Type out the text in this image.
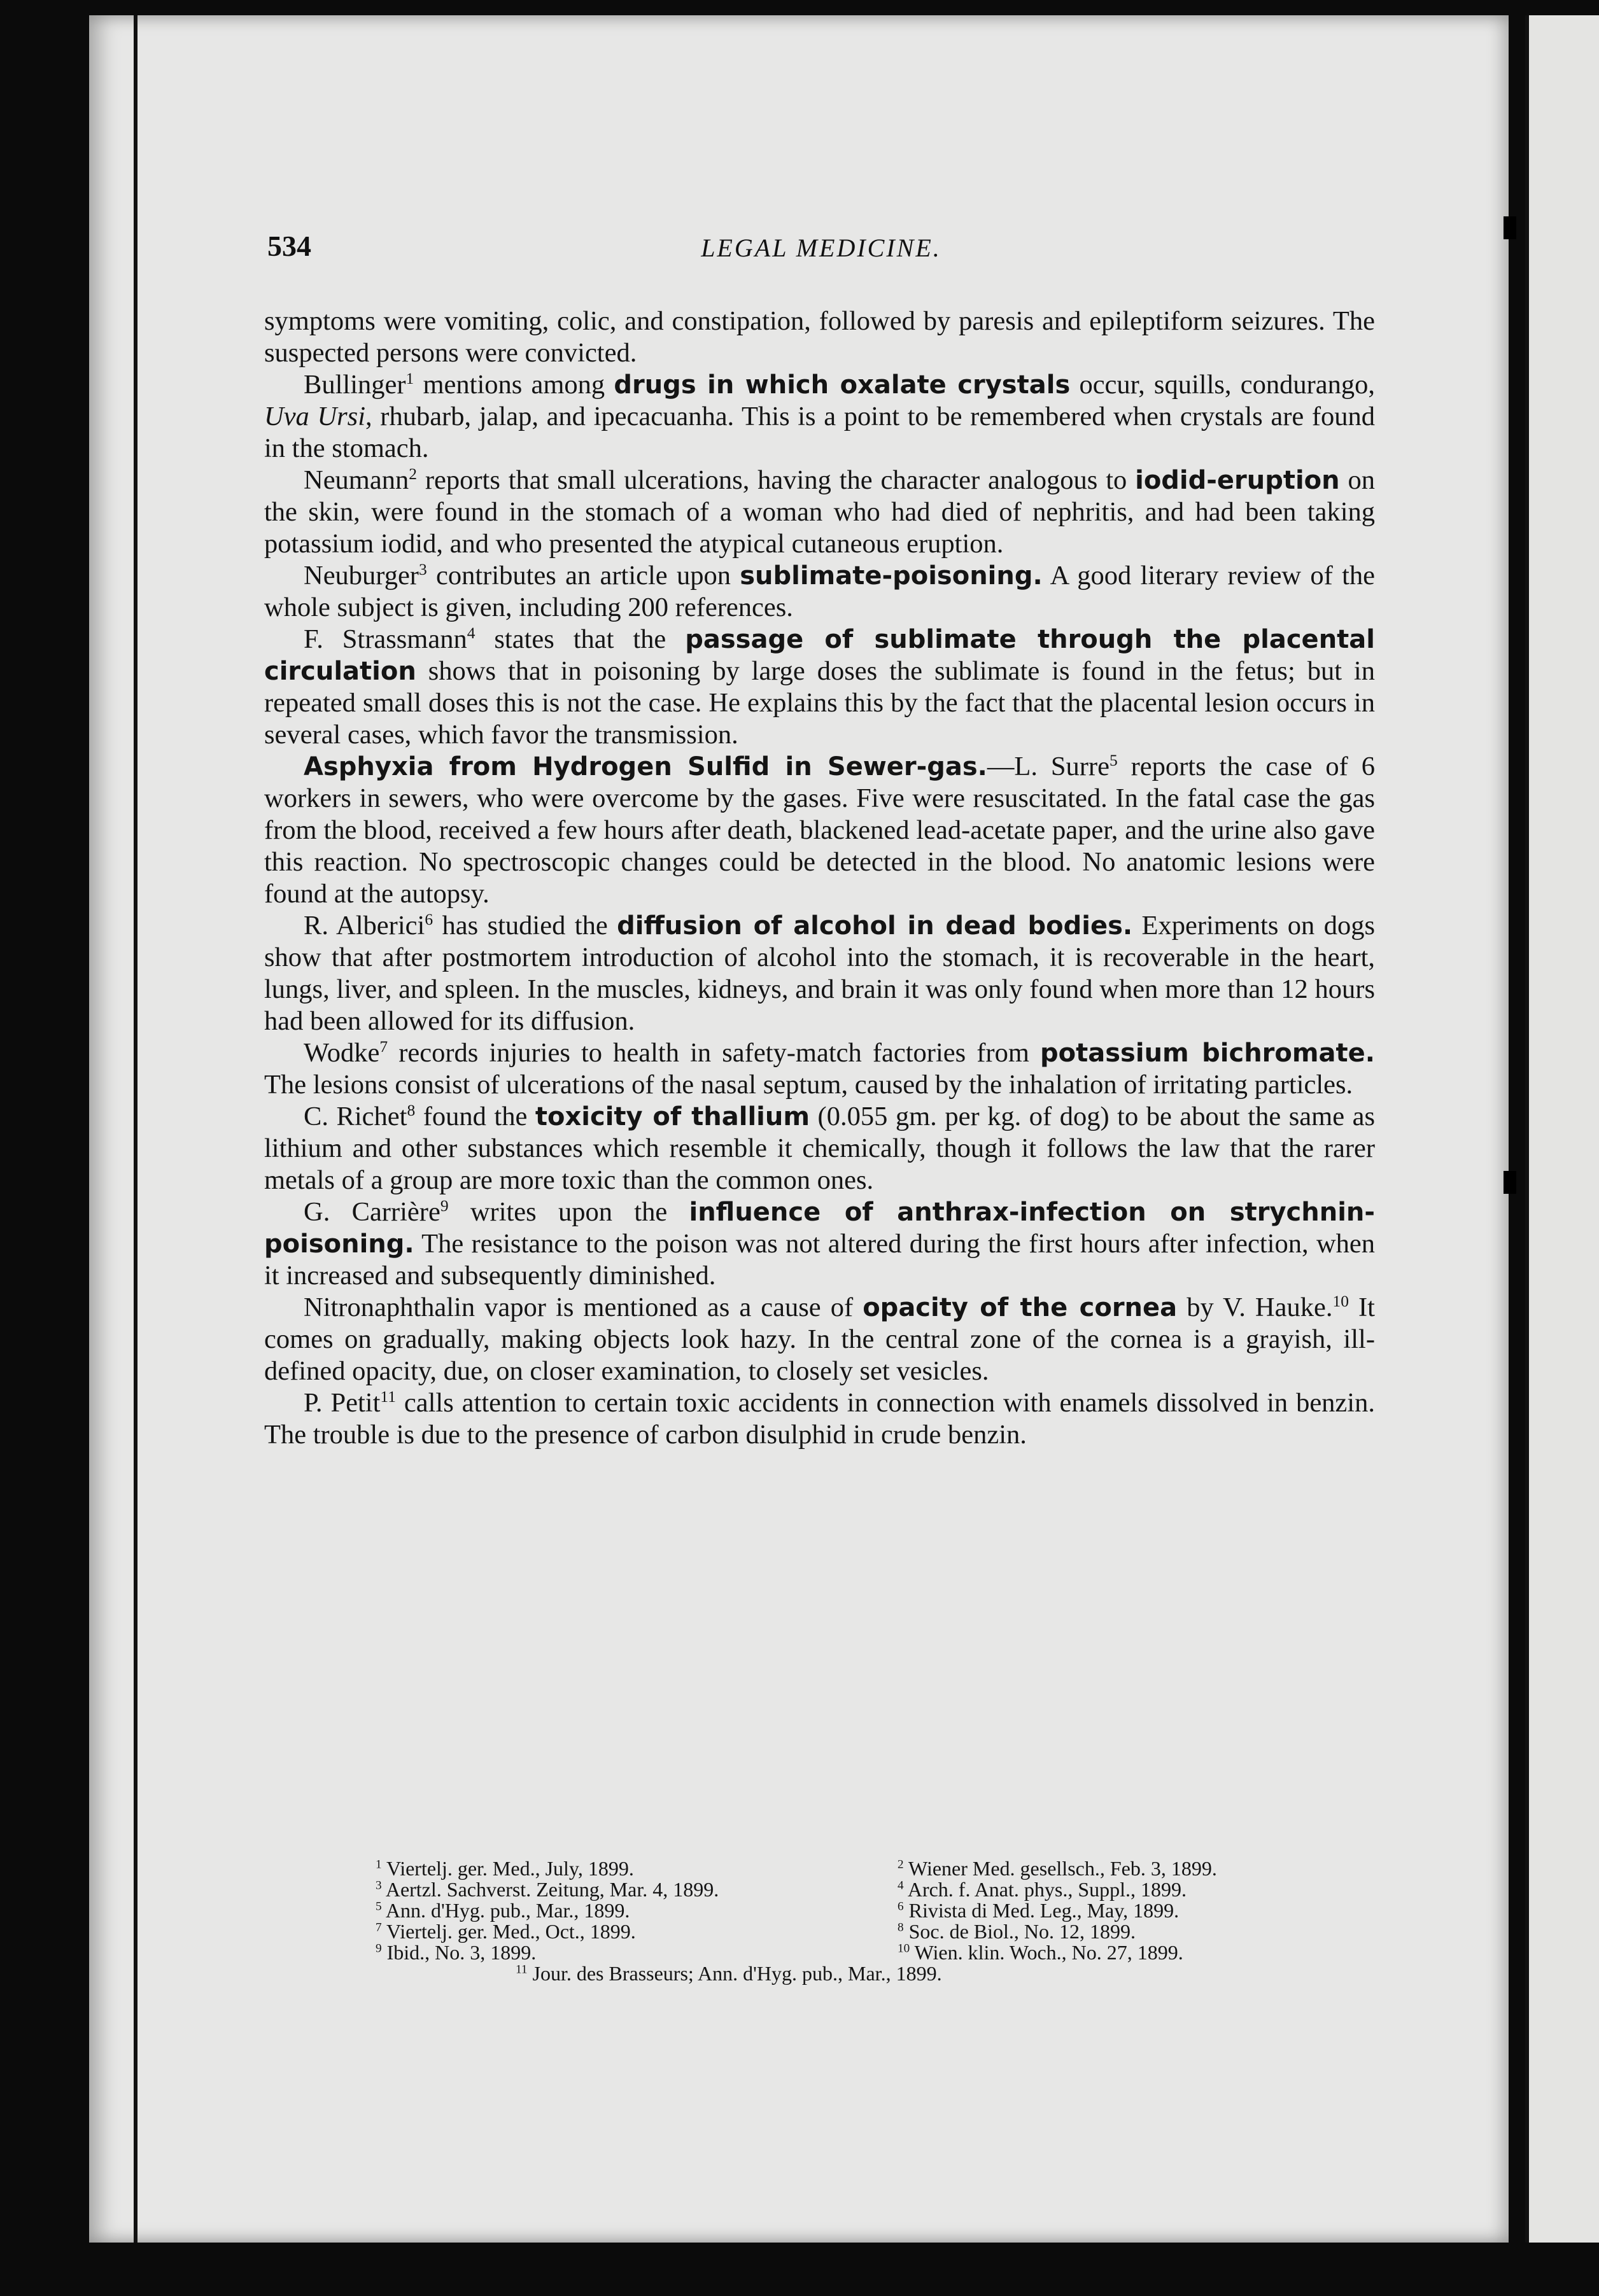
534	LEGAL MEDICINE.

symptoms were vomiting, colic, and constipation, followed by paresis and epileptiform seizures. The suspected persons were convicted.

Bullinger$^1$ mentions among drugs in which oxalate crystals occur, squills, condurango, Uva Ursi, rhubarb, jalap, and ipecacuanha. This is a point to be remembered when crystals are found in the stomach.

Neumann$^2$ reports that small ulcerations, having the character analogous to iodid-eruption on the skin, were found in the stomach of a woman who had died of nephritis, and had been taking potassium iodid, and who presented the atypical cutaneous eruption.

Neuburger$^3$ contributes an article upon sublimate-poisoning. A good literary review of the whole subject is given, including 200 references.

F. Strassmann$^4$ states that the passage of sublimate through the placental circulation shows that in poisoning by large doses the sublimate is found in the fetus; but in repeated small doses this is not the case. He explains this by the fact that the placental lesion occurs in several cases, which favor the transmission.

Asphyxia from Hydrogen Sulfid in Sewer-gas.—L. Surre$^5$ reports the case of 6 workers in sewers, who were overcome by the gases. Five were resuscitated. In the fatal case the gas from the blood, received a few hours after death, blackened lead-acetate paper, and the urine also gave this reaction. No spectroscopic changes could be detected in the blood. No anatomic lesions were found at the autopsy.

R. Alberici$^6$ has studied the diffusion of alcohol in dead bodies. Experiments on dogs show that after postmortem introduction of alcohol into the stomach, it is recoverable in the heart, lungs, liver, and spleen. In the muscles, kidneys, and brain it was only found when more than 12 hours had been allowed for its diffusion.

Wodke$^7$ records injuries to health in safety-match factories from potassium bichromate. The lesions consist of ulcerations of the nasal septum, caused by the inhalation of irritating particles.

C. Richet$^8$ found the toxicity of thallium (0.055 gm. per kg. of dog) to be about the same as lithium and other substances which resemble it chemically, though it follows the law that the rarer metals of a group are more toxic than the common ones.

G. Carrière$^9$ writes upon the influence of anthrax-infection on strychnin-poisoning. The resistance to the poison was not altered during the first hours after infection, when it increased and subsequently diminished.

Nitronaphthalin vapor is mentioned as a cause of opacity of the cornea by V. Hauke.$^{10}$ It comes on gradually, making objects look hazy. In the central zone of the cornea is a grayish, ill-defined opacity, due, on closer examination, to closely set vesicles.

P. Petit$^{11}$ calls attention to certain toxic accidents in connection with enamels dissolved in benzin. The trouble is due to the presence of carbon disulphid in crude benzin.

$^1$ Viertelj. ger. Med., July, 1899.	$^2$ Wiener Med. gesellsch., Feb. 3, 1899.
$^3$ Aertzl. Sachverst. Zeitung, Mar. 4, 1899.	$^4$ Arch. f. Anat. phys., Suppl., 1899.
$^5$ Ann. d'Hyg. pub., Mar., 1899.	$^6$ Rivista di Med. Leg., May, 1899.
$^7$ Viertelj. ger. Med., Oct., 1899.	$^8$ Soc. de Biol., No. 12, 1899.
$^9$ Ibid., No. 3, 1899.	$^{10}$ Wien. klin. Woch., No. 27, 1899.
$^{11}$ Jour. des Brasseurs; Ann. d'Hyg. pub., Mar., 1899.
